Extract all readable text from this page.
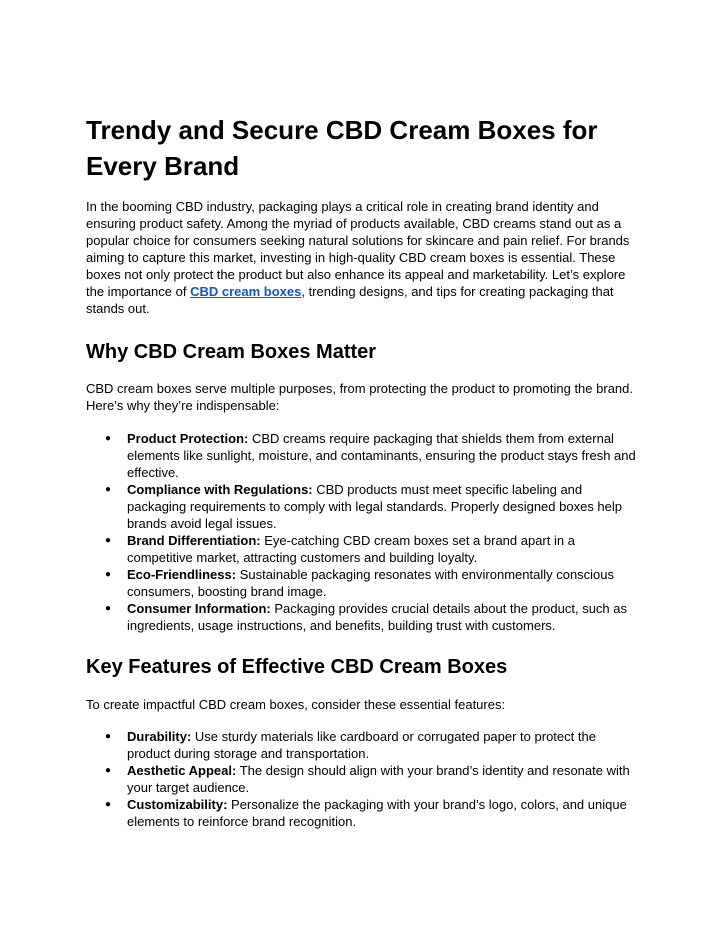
Trendy and Secure CBD Cream Boxes for Every Brand

In the booming CBD industry, packaging plays a critical role in creating brand identity and ensuring product safety. Among the myriad of products available, CBD creams stand out as a popular choice for consumers seeking natural solutions for skincare and pain relief. For brands aiming to capture this market, investing in high-quality CBD cream boxes is essential. These boxes not only protect the product but also enhance its appeal and marketability. Let’s explore the importance of CBD cream boxes, trending designs, and tips for creating packaging that stands out.

Why CBD Cream Boxes Matter

CBD cream boxes serve multiple purposes, from protecting the product to promoting the brand. Here’s why they’re indispensable:

● Product Protection: CBD creams require packaging that shields them from external elements like sunlight, moisture, and contaminants, ensuring the product stays fresh and effective.
● Compliance with Regulations: CBD products must meet specific labeling and packaging requirements to comply with legal standards. Properly designed boxes help brands avoid legal issues.
● Brand Differentiation: Eye-catching CBD cream boxes set a brand apart in a competitive market, attracting customers and building loyalty.
● Eco-Friendliness: Sustainable packaging resonates with environmentally conscious consumers, boosting brand image.
● Consumer Information: Packaging provides crucial details about the product, such as ingredients, usage instructions, and benefits, building trust with customers.
Key Features of Effective CBD Cream Boxes

To create impactful CBD cream boxes, consider these essential features:

● Durability: Use sturdy materials like cardboard or corrugated paper to protect the product during storage and transportation.
● Aesthetic Appeal: The design should align with your brand’s identity and resonate with your target audience.
● Customizability: Personalize the packaging with your brand’s logo, colors, and unique elements to reinforce brand recognition.
